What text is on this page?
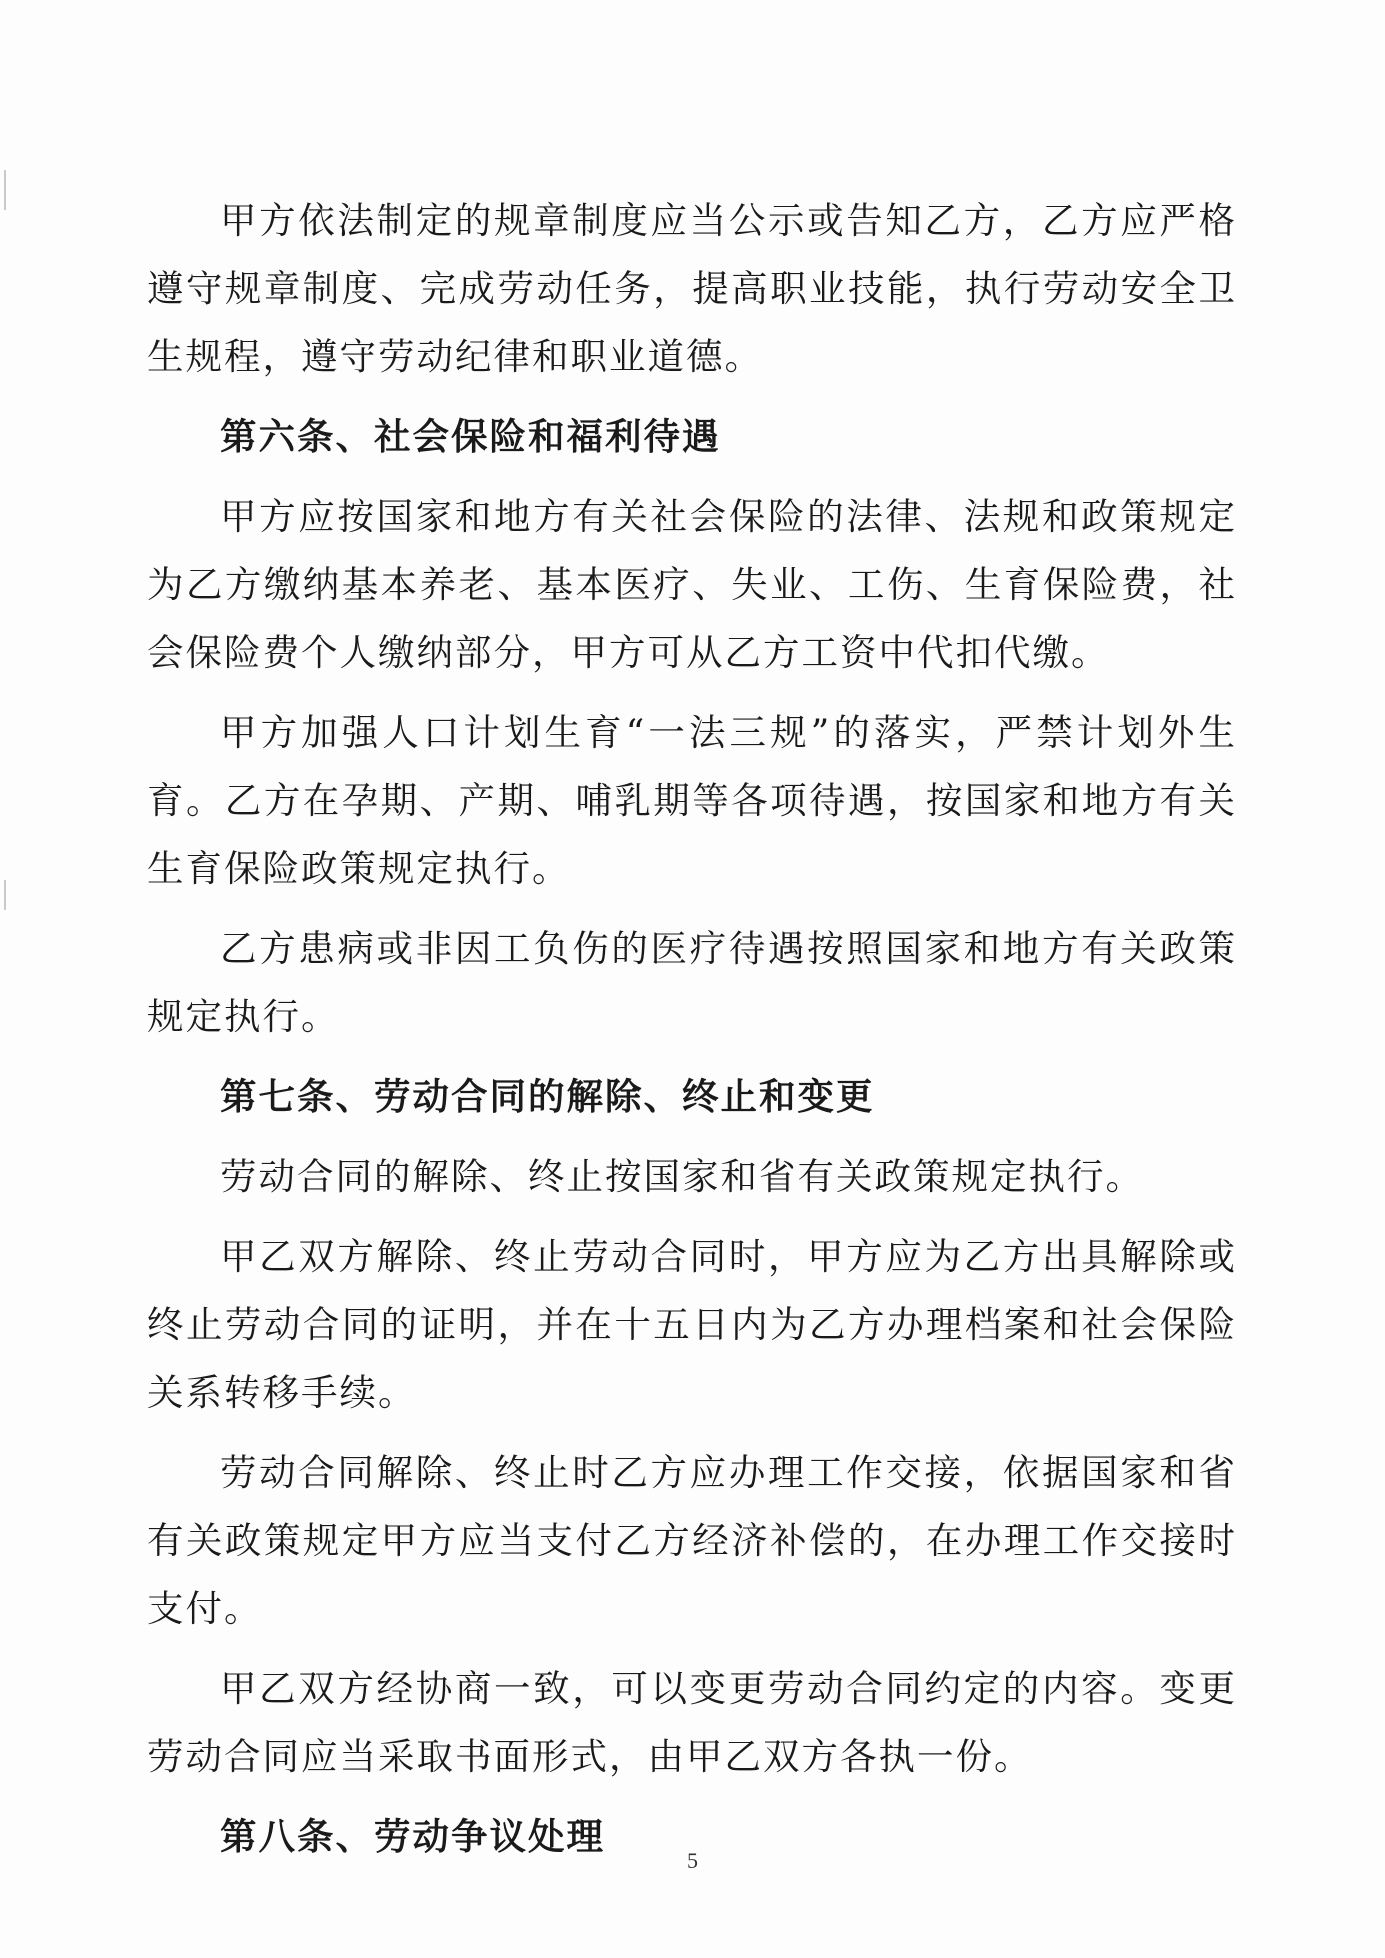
甲方依法制定的规章制度应当公示或告知乙方，乙方应严格遵守规章制度、完成劳动任务，提高职业技能，执行劳动安全卫生规程，遵守劳动纪律和职业道德。

第六条、社会保险和福利待遇

甲方应按国家和地方有关社会保险的法律、法规和政策规定为乙方缴纳基本养老、基本医疗、失业、工伤、生育保险费，社会保险费个人缴纳部分，甲方可从乙方工资中代扣代缴。

甲方加强人口计划生育“一法三规”的落实，严禁计划外生育。乙方在孕期、产期、哺乳期等各项待遇，按国家和地方有关生育保险政策规定执行。

乙方患病或非因工负伤的医疗待遇按照国家和地方有关政策规定执行。

第七条、劳动合同的解除、终止和变更

劳动合同的解除、终止按国家和省有关政策规定执行。

甲乙双方解除、终止劳动合同时，甲方应为乙方出具解除或终止劳动合同的证明，并在十五日内为乙方办理档案和社会保险关系转移手续。

劳动合同解除、终止时乙方应办理工作交接，依据国家和省有关政策规定甲方应当支付乙方经济补偿的，在办理工作交接时支付。

甲乙双方经协商一致，可以变更劳动合同约定的内容。变更劳动合同应当采取书面形式，由甲乙双方各执一份。

第八条、劳动争议处理

5
